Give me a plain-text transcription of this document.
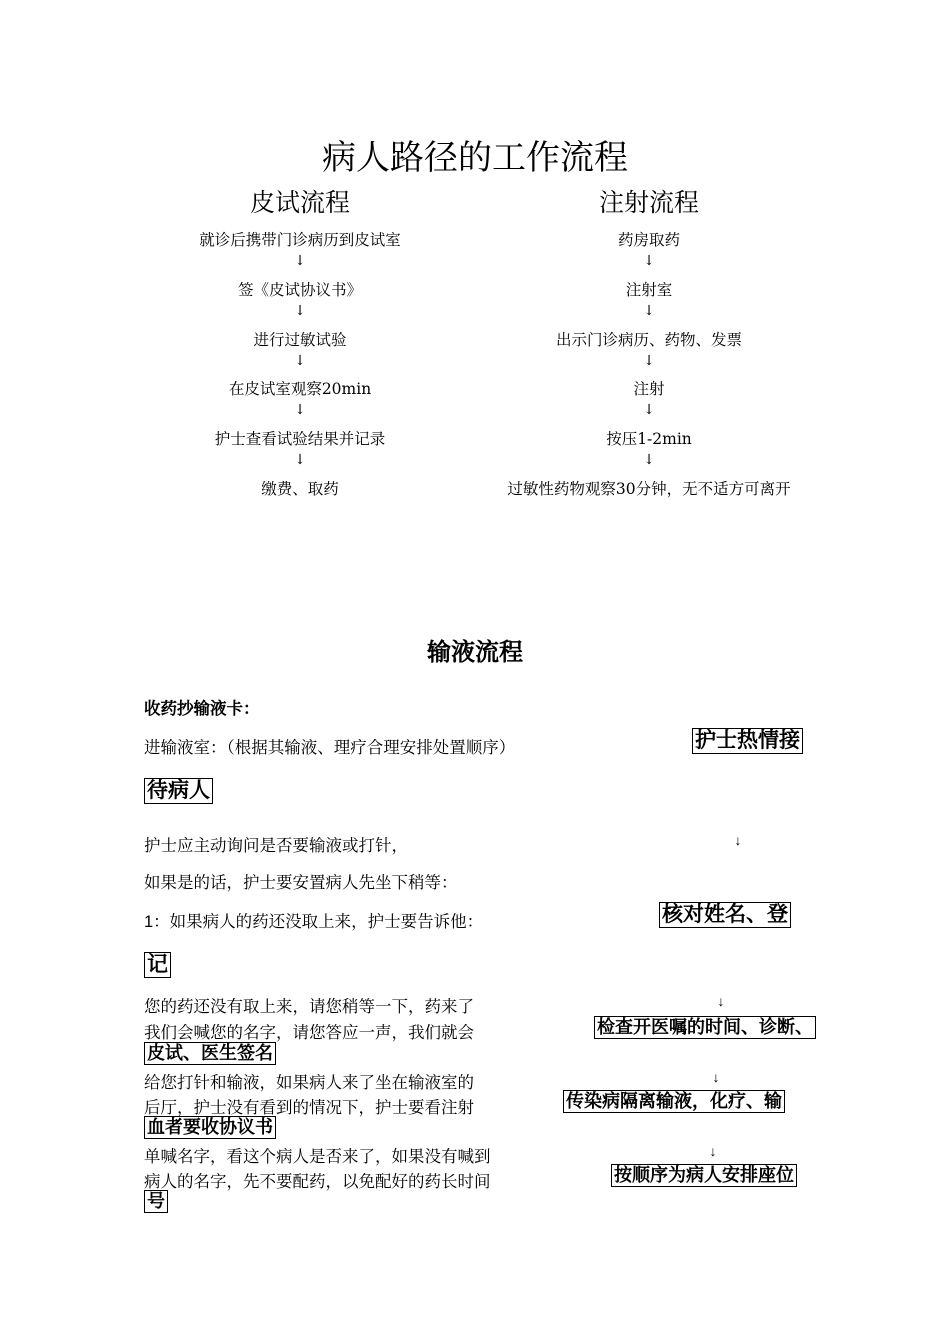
病人路径的工作流程
皮试流程
就诊后携带门诊病历到皮试室
↓
签《皮试协议书》
↓
进行过敏试验
↓
在皮试室观察20min
↓
护士查看试验结果并记录
↓
缴费、取药
注射流程
药房取药
↓
注射室
↓
出示门诊病历、药物、发票
↓
注射
↓
按压1-2min
↓
过敏性药物观察30分钟，无不适方可离开
输液流程
收药抄输液卡：
进输液室：（根据其输液、理疗合理安排处置顺序）	护士热情接
待病人
护士应主动询问是否要输液或打针，	↓
如果是的话，护士要安置病人先坐下稍等：
1：如果病人的药还没取上来，护士要告诉他：	核对姓名、登
记
您的药还没有取上来，请您稍等一下，药来了	↓
我们会喊您的名字，请您答应一声，我们就会	检查开医嘱的时间、诊断、
皮试、医生签名
给您打针和输液，如果病人来了坐在输液室的	↓
后厅，护士没有看到的情况下，护士要看注射	传染病隔离输液，化疗、输
血者要收协议书
单喊名字，看这个病人是否来了，如果没有喊到	↓
病人的名字，先不要配药，以免配好的药长时间	按顺序为病人安排座位
号
